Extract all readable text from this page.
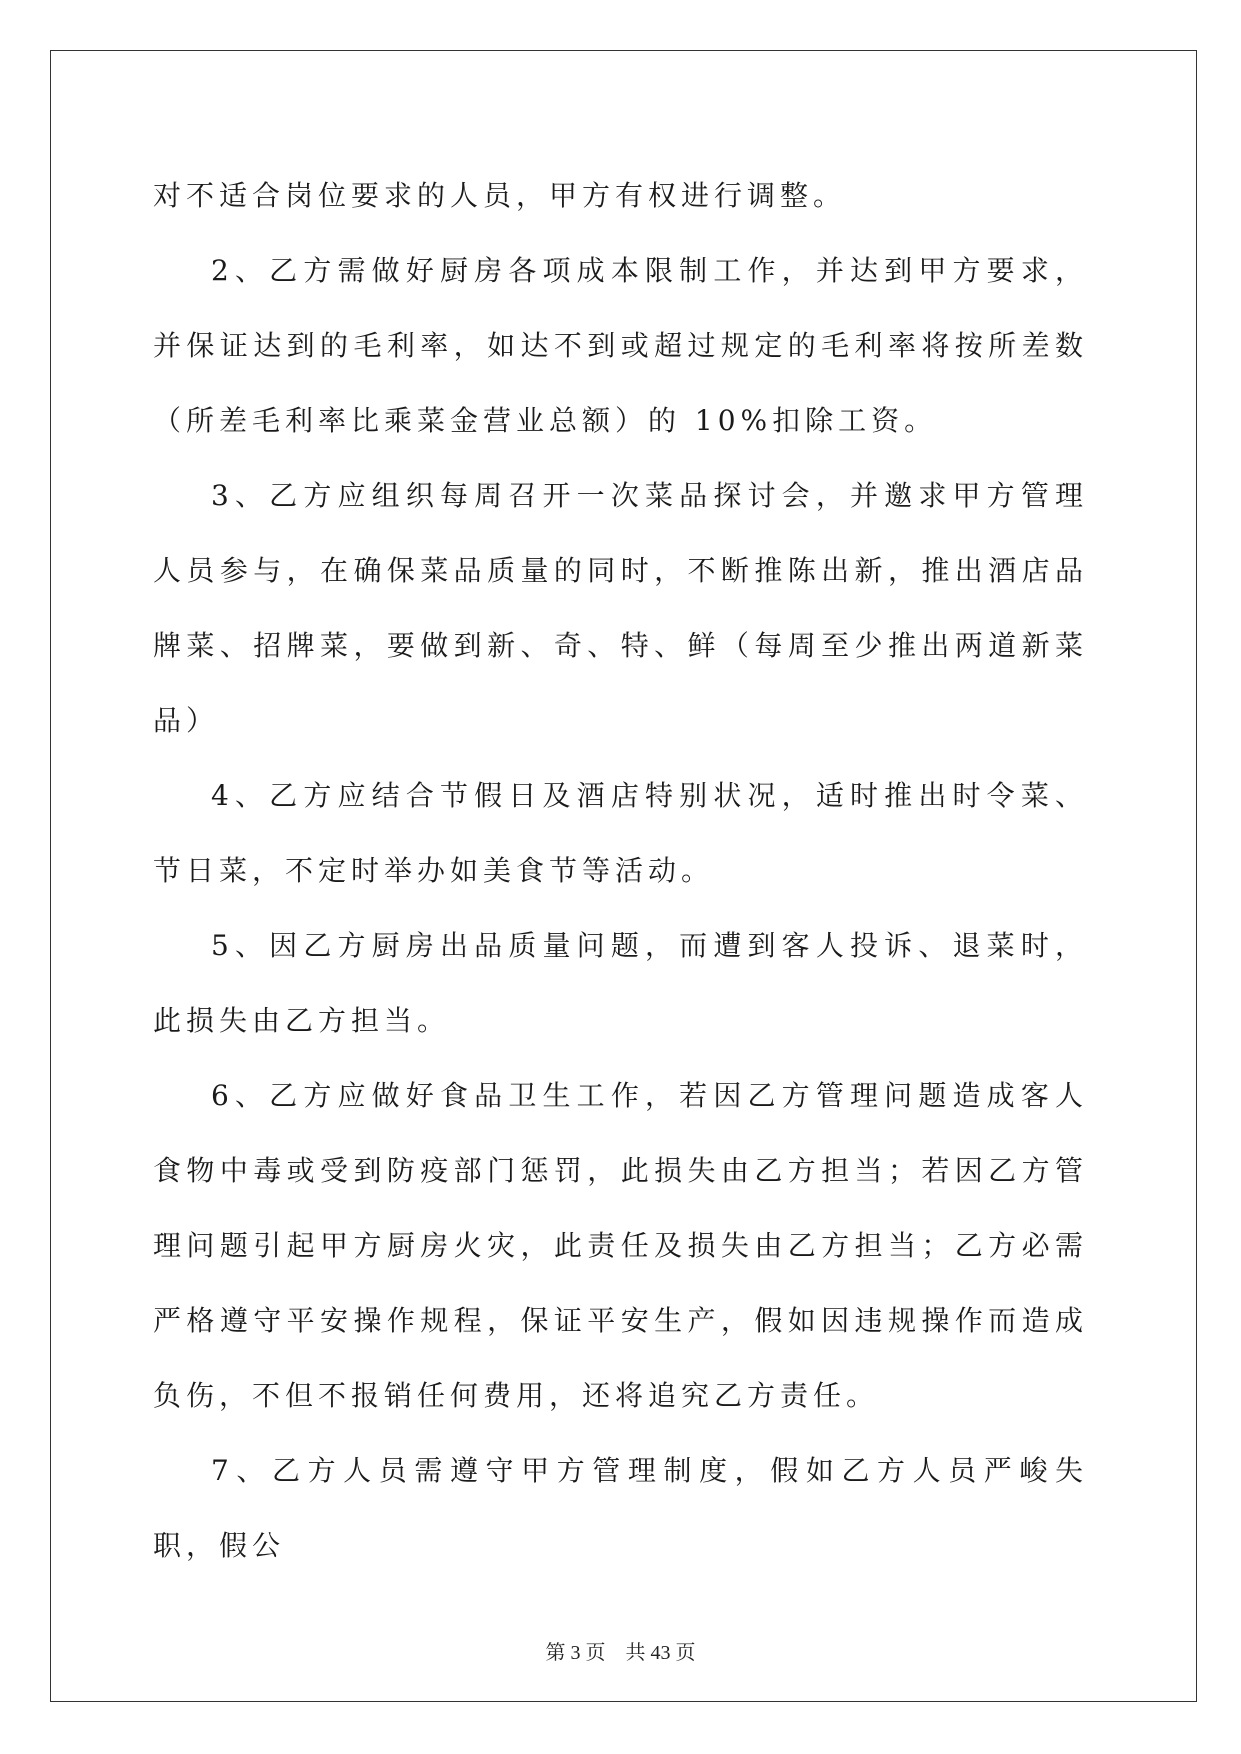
对不适合岗位要求的人员，甲方有权进行调整。

2、乙方需做好厨房各项成本限制工作，并达到甲方要求，并保证达到的毛利率，如达不到或超过规定的毛利率将按所差数（所差毛利率比乘菜金营业总额）的 10%扣除工资。

3、乙方应组织每周召开一次菜品探讨会，并邀求甲方管理人员参与，在确保菜品质量的同时，不断推陈出新，推出酒店品牌菜、招牌菜，要做到新、奇、特、鲜（每周至少推出两道新菜品）

4、乙方应结合节假日及酒店特别状况，适时推出时令菜、节日菜，不定时举办如美食节等活动。

5、因乙方厨房出品质量问题，而遭到客人投诉、退菜时，此损失由乙方担当。

6、乙方应做好食品卫生工作，若因乙方管理问题造成客人食物中毒或受到防疫部门惩罚，此损失由乙方担当；若因乙方管理问题引起甲方厨房火灾，此责任及损失由乙方担当；乙方必需严格遵守平安操作规程，保证平安生产，假如因违规操作而造成负伤，不但不报销任何费用，还将追究乙方责任。

7、乙方人员需遵守甲方管理制度，假如乙方人员严峻失职，假公

第 3 页 共 43 页
